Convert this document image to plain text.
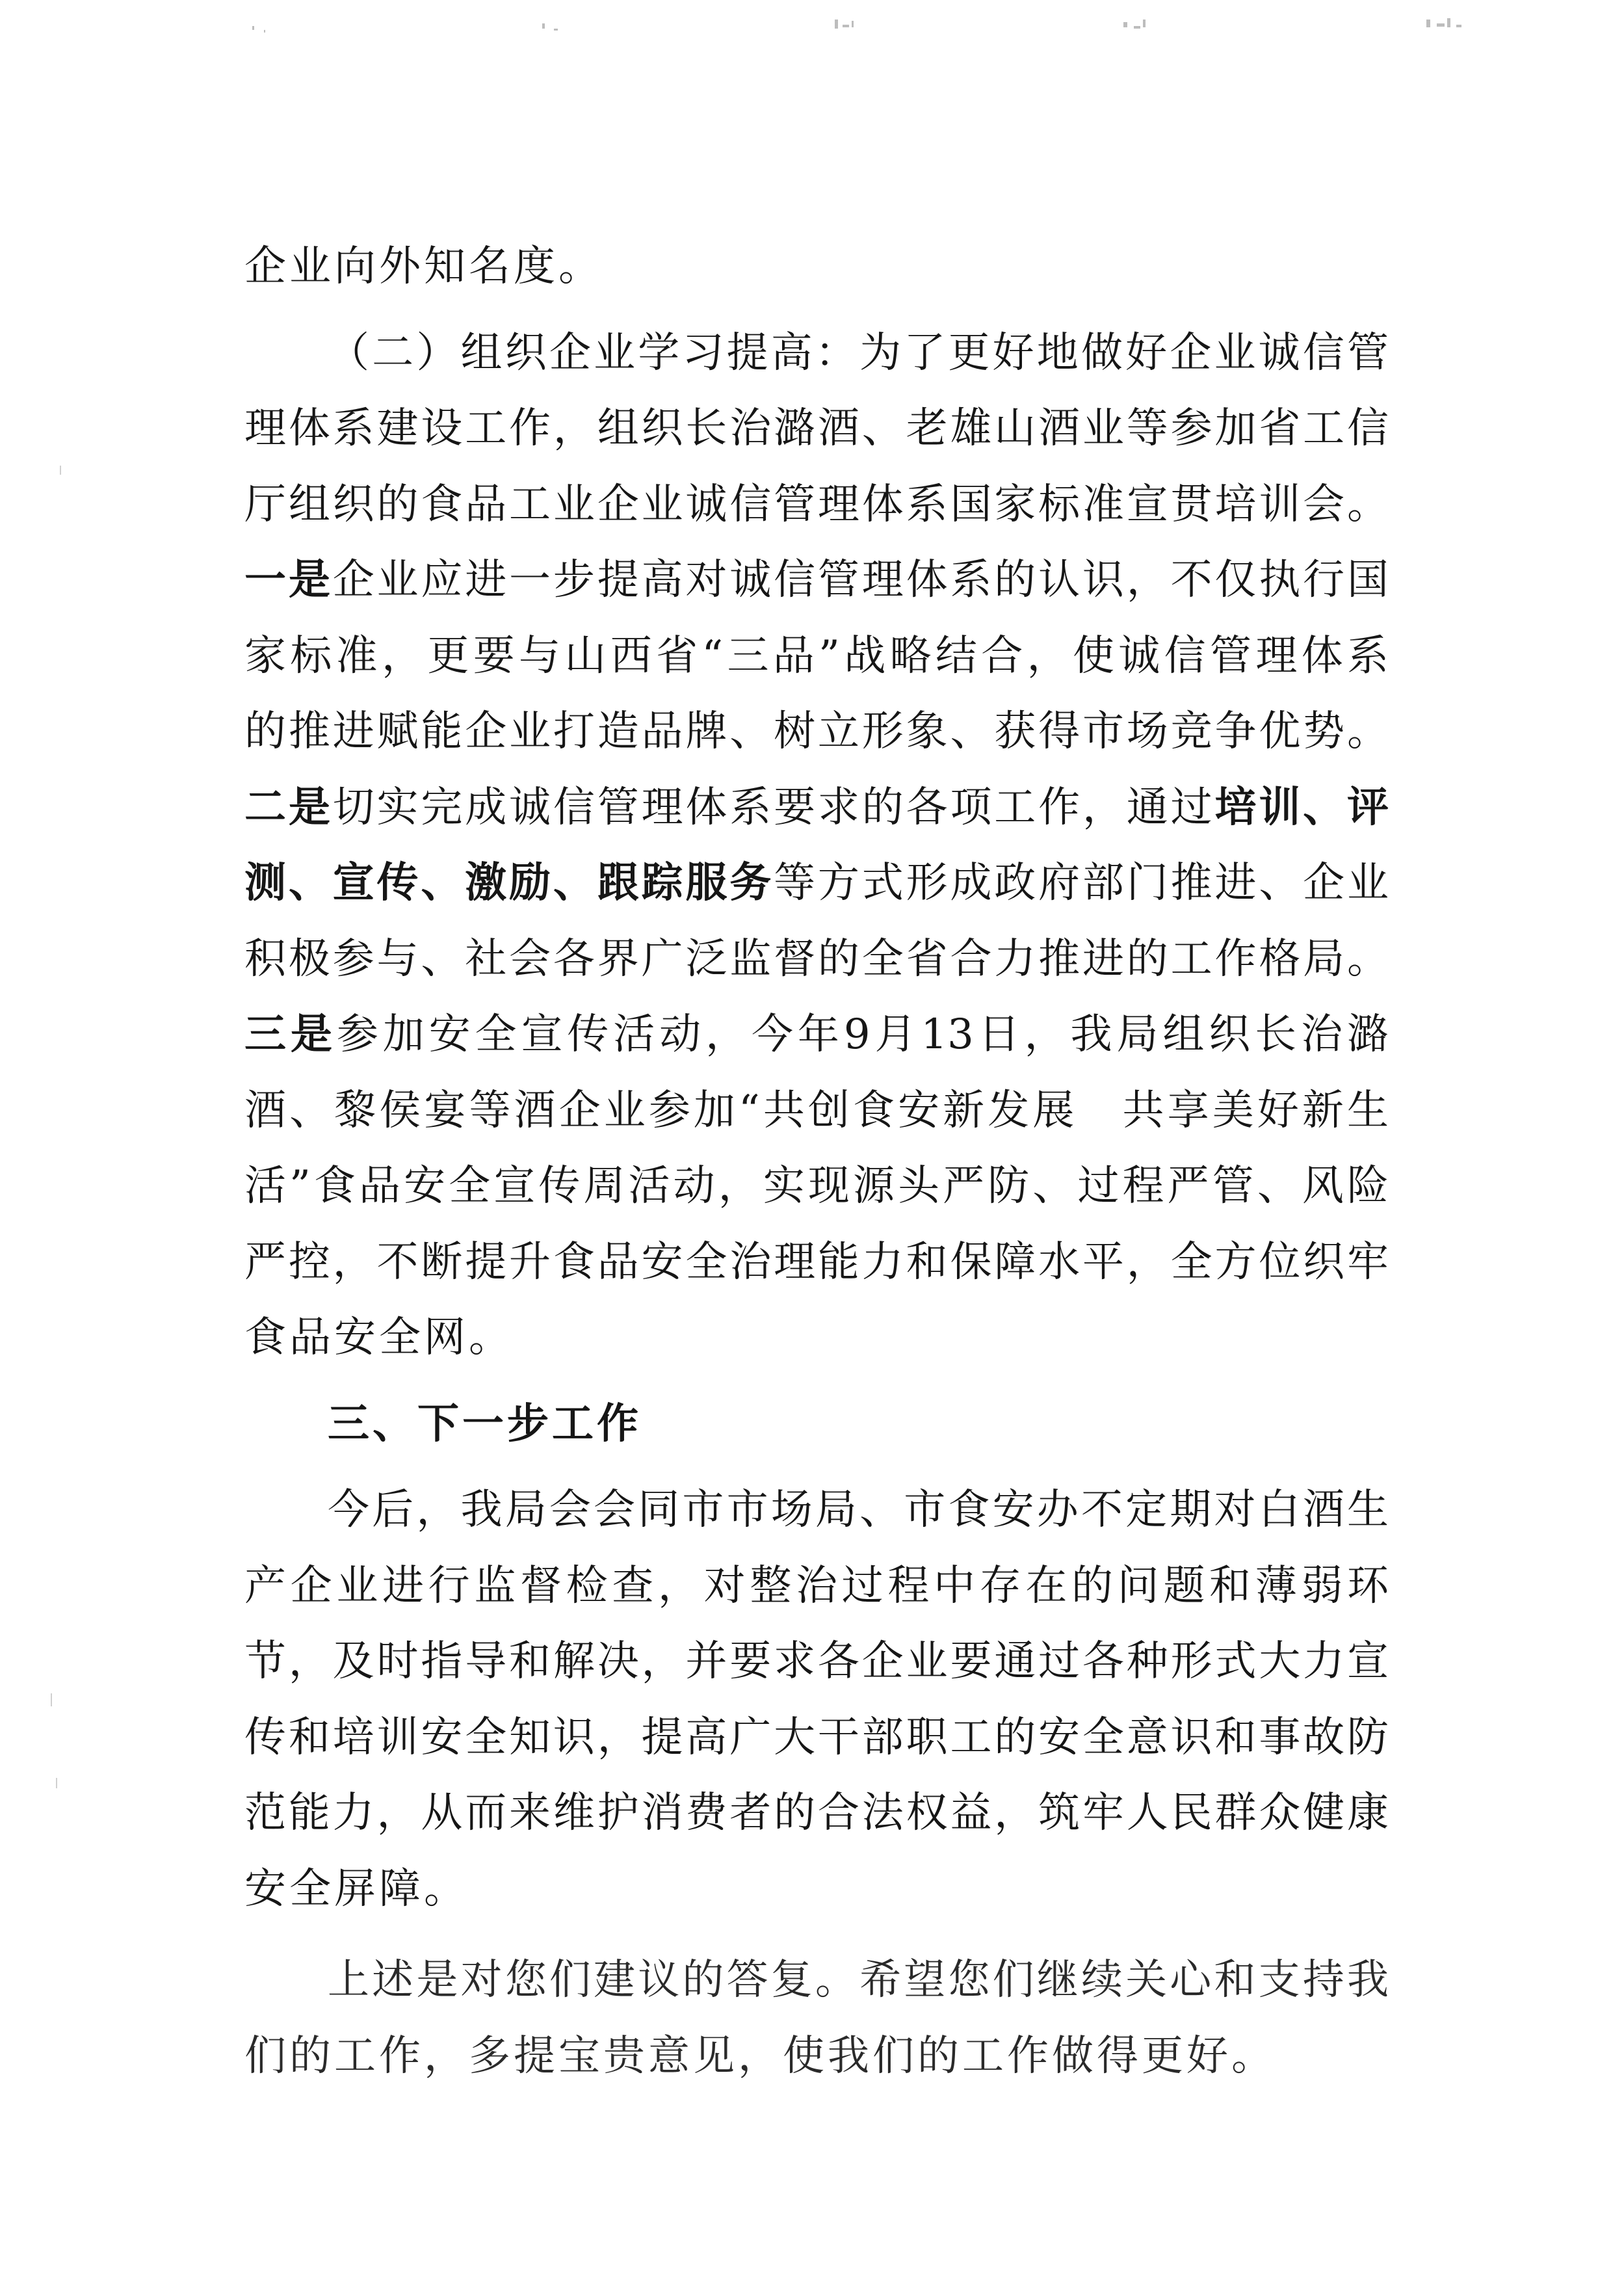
企业向外知名度。
（二）组织企业学习提高：为了更好地做好企业诚信管
理体系建设工作，组织长治潞酒、老雄山酒业等参加省工信
厅组织的食品工业企业诚信管理体系国家标准宣贯培训会。
一是企业应进一步提高对诚信管理体系的认识，不仅执行国
家标准，更要与山西省“三品”战略结合，使诚信管理体系
的推进赋能企业打造品牌、树立形象、获得市场竞争优势。
二是切实完成诚信管理体系要求的各项工作，通过培训、评
测、宣传、激励、跟踪服务等方式形成政府部门推进、企业
积极参与、社会各界广泛监督的全省合力推进的工作格局。
三是参加安全宣传活动，今年9月13日，我局组织长治潞
酒、黎侯宴等酒企业参加“共创食安新发展　共享美好新生
活”食品安全宣传周活动，实现源头严防、过程严管、风险
严控，不断提升食品安全治理能力和保障水平，全方位织牢
食品安全网。
三、下一步工作
今后，我局会会同市市场局、市食安办不定期对白酒生
产企业进行监督检查，对整治过程中存在的问题和薄弱环
节，及时指导和解决，并要求各企业要通过各种形式大力宣
传和培训安全知识，提高广大干部职工的安全意识和事故防
范能力，从而来维护消费者的合法权益，筑牢人民群众健康
安全屏障。
上述是对您们建议的答复。希望您们继续关心和支持我
们的工作，多提宝贵意见，使我们的工作做得更好。
